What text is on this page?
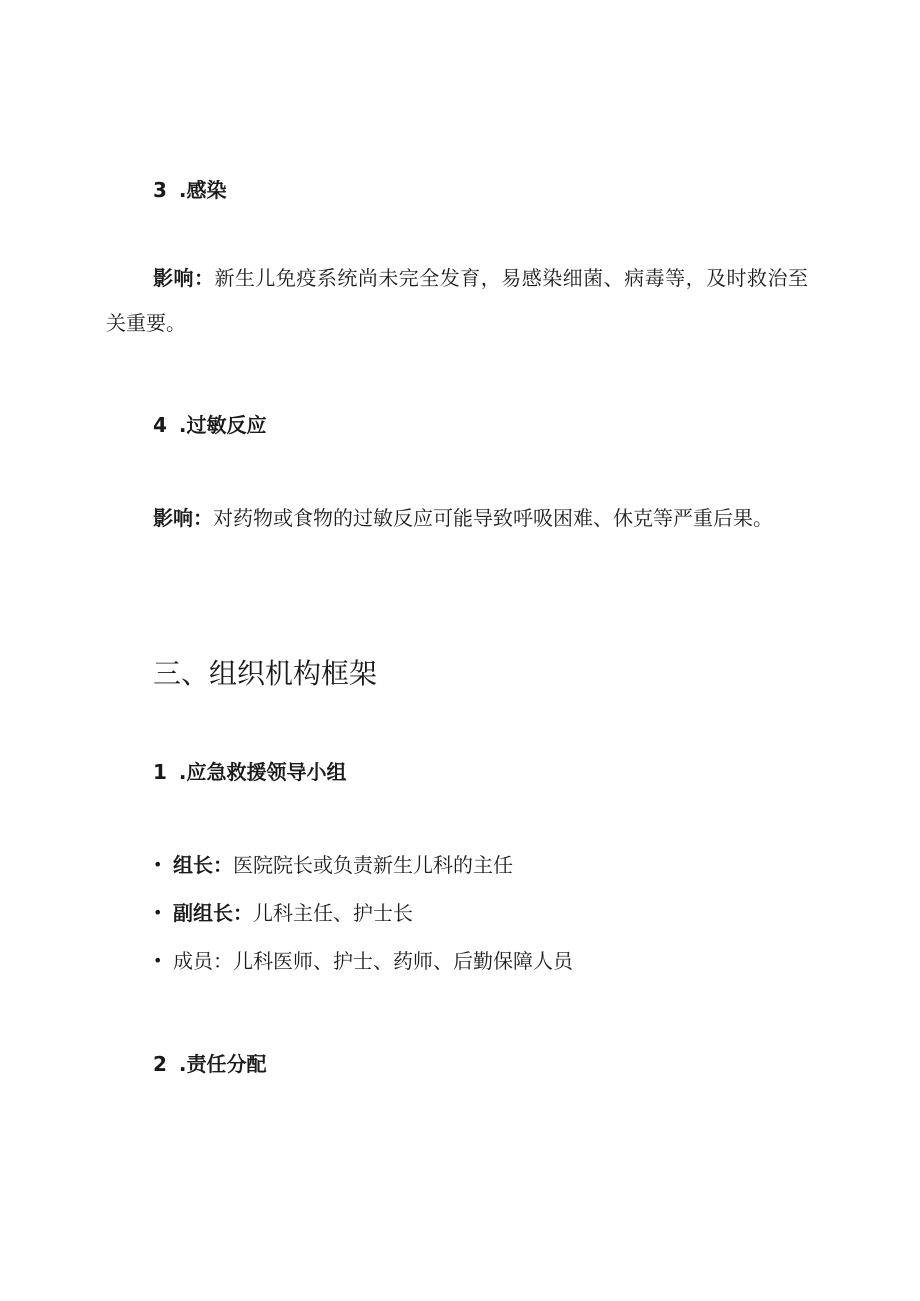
3 .感染

影响：新生儿免疫系统尚未完全发育，易感染细菌、病毒等，及时救治至关重要。

4 .过敏反应

影响：对药物或食物的过敏反应可能导致呼吸困难、休克等严重后果。

三、组织机构框架
1 .应急救援领导小组
• 组长： 医院院长或负责新生儿科的主任
• 副组长： 儿科主任、护士长
• 成员： 儿科医师、护士、药师、后勤保障人员
2 .责任分配
